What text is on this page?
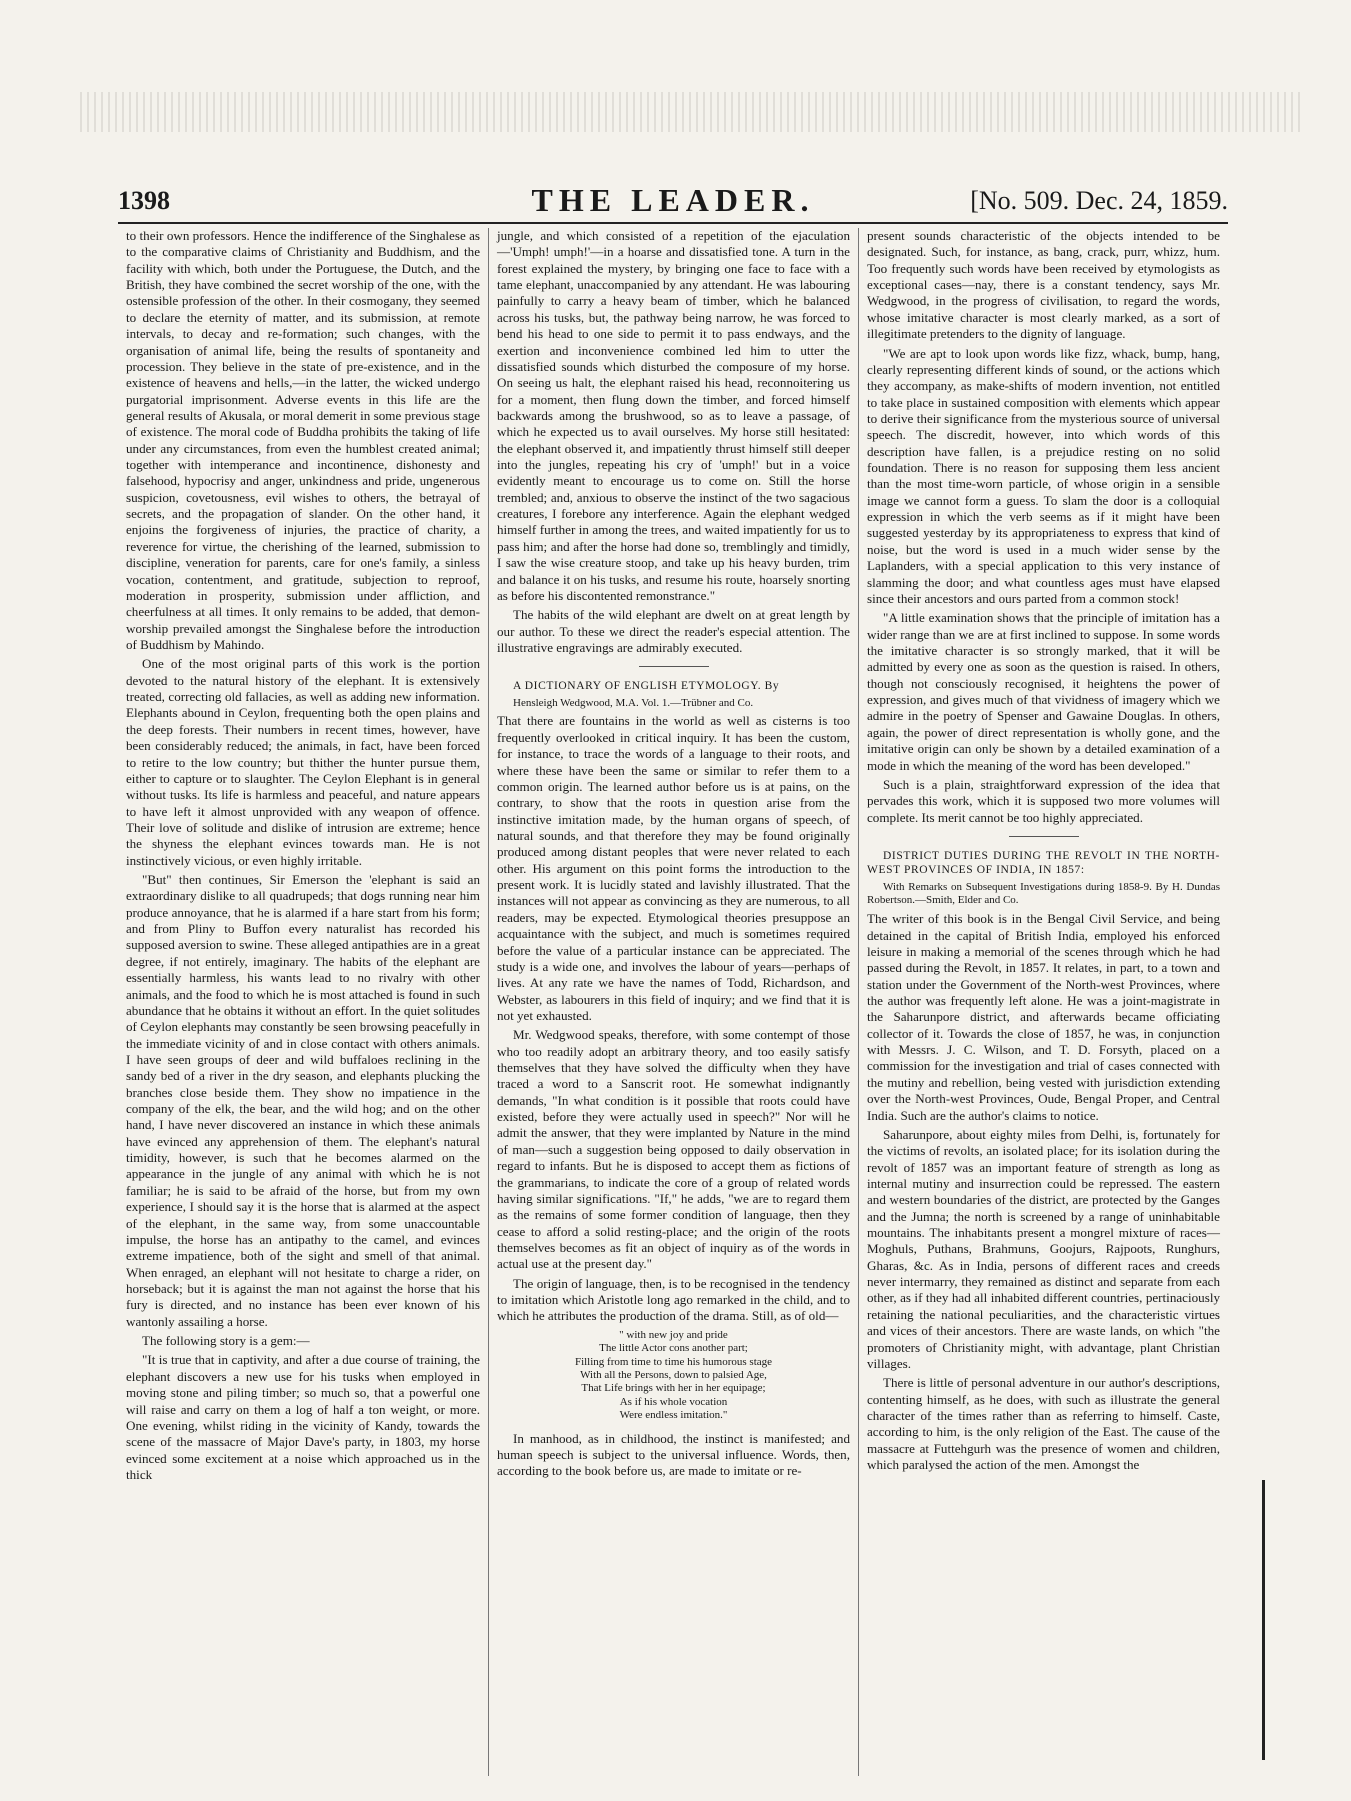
1398	THE LEADER.	[No. 509. Dec. 24, 1859.

to their own professors. Hence the indifference of the Singhalese as to the comparative claims of Christianity and Buddhism, and the facility with which, both under the Portuguese, the Dutch, and the British, they have combined the secret worship of the one, with the ostensible profession of the other. In their cosmogany, they seemed to declare the eternity of matter, and its submission, at remote intervals, to decay and re-formation; such changes, with the organisation of animal life, being the results of spontaneity and procession. They believe in the state of pre-existence, and in the existence of heavens and hells,—in the latter, the wicked undergo purgatorial imprisonment. Adverse events in this life are the general results of Akusala, or moral demerit in some previous stage of existence. The moral code of Buddha prohibits the taking of life under any circumstances, from even the humblest created animal; together with intemperance and incontinence, dishonesty and falsehood, hypocrisy and anger, unkindness and pride, ungenerous suspicion, covetousness, evil wishes to others, the betrayal of secrets, and the propagation of slander. On the other hand, it enjoins the forgiveness of injuries, the practice of charity, a reverence for virtue, the cherishing of the learned, submission to discipline, veneration for parents, care for one's family, a sinless vocation, contentment, and gratitude, subjection to reproof, moderation in prosperity, submission under affliction, and cheerfulness at all times. It only remains to be added, that demon-worship prevailed amongst the Singhalese before the introduction of Buddhism by Mahindo.

One of the most original parts of this work is the portion devoted to the natural history of the elephant. It is extensively treated, correcting old fallacies, as well as adding new information. Elephants abound in Ceylon, frequenting both the open plains and the deep forests. Their numbers in recent times, however, have been considerably reduced; the animals, in fact, have been forced to retire to the low country; but thither the hunter pursue them, either to capture or to slaughter. The Ceylon Elephant is in general without tusks. Its life is harmless and peaceful, and nature appears to have left it almost unprovided with any weapon of offence. Their love of solitude and dislike of intrusion are extreme; hence the shyness the elephant evinces towards man. He is not instinctively vicious, or even highly irritable.

"But" then continues, Sir Emerson the 'elephant is said an extraordinary dislike to all quadrupeds; that dogs running near him produce annoyance, that he is alarmed if a hare start from his form; and from Pliny to Buffon every naturalist has recorded his supposed aversion to swine. These alleged antipathies are in a great degree, if not entirely, imaginary. The habits of the elephant are essentially harmless, his wants lead to no rivalry with other animals, and the food to which he is most attached is found in such abundance that he obtains it without an effort. In the quiet solitudes of Ceylon elephants may constantly be seen browsing peacefully in the immediate vicinity of and in close contact with others animals. I have seen groups of deer and wild buffaloes reclining in the sandy bed of a river in the dry season, and elephants plucking the branches close beside them. They show no impatience in the company of the elk, the bear, and the wild hog; and on the other hand, I have never discovered an instance in which these animals have evinced any apprehension of them. The elephant's natural timidity, however, is such that he becomes alarmed on the appearance in the jungle of any animal with which he is not familiar; he is said to be afraid of the horse, but from my own experience, I should say it is the horse that is alarmed at the aspect of the elephant, in the same way, from some unaccountable impulse, the horse has an antipathy to the camel, and evinces extreme impatience, both of the sight and smell of that animal. When enraged, an elephant will not hesitate to charge a rider, on horseback; but it is against the man not against the horse that his fury is directed, and no instance has been ever known of his wantonly assailing a horse.

The following story is a gem:—

"It is true that in captivity, and after a due course of training, the elephant discovers a new use for his tusks when employed in moving stone and piling timber; so much so, that a powerful one will raise and carry on them a log of half a ton weight, or more. One evening, whilst riding in the vicinity of Kandy, towards the scene of the massacre of Major Dave's party, in 1803, my horse evinced some excitement at a noise which approached us in the thick

jungle, and which consisted of a repetition of the ejaculation—'Umph! umph!'—in a hoarse and dissatisfied tone. A turn in the forest explained the mystery, by bringing one face to face with a tame elephant, unaccompanied by any attendant. He was labouring painfully to carry a heavy beam of timber, which he balanced across his tusks, but, the pathway being narrow, he was forced to bend his head to one side to permit it to pass endways, and the exertion and inconvenience combined led him to utter the dissatisfied sounds which disturbed the composure of my horse. On seeing us halt, the elephant raised his head, reconnoitering us for a moment, then flung down the timber, and forced himself backwards among the brushwood, so as to leave a passage, of which he expected us to avail ourselves. My horse still hesitated: the elephant observed it, and impatiently thrust himself still deeper into the jungles, repeating his cry of 'umph!' but in a voice evidently meant to encourage us to come on. Still the horse trembled; and, anxious to observe the instinct of the two sagacious creatures, I forebore any interference. Again the elephant wedged himself further in among the trees, and waited impatiently for us to pass him; and after the horse had done so, tremblingly and timidly, I saw the wise creature stoop, and take up his heavy burden, trim and balance it on his tusks, and resume his route, hoarsely snorting as before his discontented remonstrance."

The habits of the wild elephant are dwelt on at great length by our author. To these we direct the reader's especial attention. The illustrative engravings are admirably executed.

A DICTIONARY OF ENGLISH ETYMOLOGY. By

Hensleigh Wedgwood, M.A. Vol. 1.—Trübner and Co.

That there are fountains in the world as well as cisterns is too frequently overlooked in critical inquiry. It has been the custom, for instance, to trace the words of a language to their roots, and where these have been the same or similar to refer them to a common origin. The learned author before us is at pains, on the contrary, to show that the roots in question arise from the instinctive imitation made, by the human organs of speech, of natural sounds, and that therefore they may be found originally produced among distant peoples that were never related to each other. His argument on this point forms the introduction to the present work. It is lucidly stated and lavishly illustrated. That the instances will not appear as convincing as they are numerous, to all readers, may be expected. Etymological theories presuppose an acquaintance with the subject, and much is sometimes required before the value of a particular instance can be appreciated. The study is a wide one, and involves the labour of years—perhaps of lives. At any rate we have the names of Todd, Richardson, and Webster, as labourers in this field of inquiry; and we find that it is not yet exhausted.

Mr. Wedgwood speaks, therefore, with some contempt of those who too readily adopt an arbitrary theory, and too easily satisfy themselves that they have solved the difficulty when they have traced a word to a Sanscrit root. He somewhat indignantly demands, "In what condition is it possible that roots could have existed, before they were actually used in speech?" Nor will he admit the answer, that they were implanted by Nature in the mind of man—such a suggestion being opposed to daily observation in regard to infants. But he is disposed to accept them as fictions of the grammarians, to indicate the core of a group of related words having similar significations. "If," he adds, "we are to regard them as the remains of some former condition of language, then they cease to afford a solid resting-place; and the origin of the roots themselves becomes as fit an object of inquiry as of the words in actual use at the present day."

The origin of language, then, is to be recognised in the tendency to imitation which Aristotle long ago remarked in the child, and to which he attributes the production of the drama. Still, as of old—

" with new joy and pride
The little Actor cons another part;
Filling from time to time his humorous stage
With all the Persons, down to palsied Age,
That Life brings with her in her equipage;
As if his whole vocation
Were endless imitation."

In manhood, as in childhood, the instinct is manifested; and human speech is subject to the universal influence. Words, then, according to the book before us, are made to imitate or re-

present sounds characteristic of the objects intended to be designated. Such, for instance, as bang, crack, purr, whizz, hum. Too frequently such words have been received by etymologists as exceptional cases—nay, there is a constant tendency, says Mr. Wedgwood, in the progress of civilisation, to regard the words, whose imitative character is most clearly marked, as a sort of illegitimate pretenders to the dignity of language.

"We are apt to look upon words like fizz, whack, bump, hang, clearly representing different kinds of sound, or the actions which they accompany, as make-shifts of modern invention, not entitled to take place in sustained composition with elements which appear to derive their significance from the mysterious source of universal speech. The discredit, however, into which words of this description have fallen, is a prejudice resting on no solid foundation. There is no reason for supposing them less ancient than the most time-worn particle, of whose origin in a sensible image we cannot form a guess. To slam the door is a colloquial expression in which the verb seems as if it might have been suggested yesterday by its appropriateness to express that kind of noise, but the word is used in a much wider sense by the Laplanders, with a special application to this very instance of slamming the door; and what countless ages must have elapsed since their ancestors and ours parted from a common stock!

"A little examination shows that the principle of imitation has a wider range than we are at first inclined to suppose. In some words the imitative character is so strongly marked, that it will be admitted by every one as soon as the question is raised. In others, though not consciously recognised, it heightens the power of expression, and gives much of that vividness of imagery which we admire in the poetry of Spenser and Gawaine Douglas. In others, again, the power of direct representation is wholly gone, and the imitative origin can only be shown by a detailed examination of a mode in which the meaning of the word has been developed."

Such is a plain, straightforward expression of the idea that pervades this work, which it is supposed two more volumes will complete. Its merit cannot be too highly appreciated.

DISTRICT DUTIES DURING THE REVOLT IN THE NORTH-WEST PROVINCES OF INDIA, IN 1857:

With Remarks on Subsequent Investigations during 1858-9. By H. Dundas Robertson.—Smith, Elder and Co.

The writer of this book is in the Bengal Civil Service, and being detained in the capital of British India, employed his enforced leisure in making a memorial of the scenes through which he had passed during the Revolt, in 1857. It relates, in part, to a town and station under the Government of the North-west Provinces, where the author was frequently left alone. He was a joint-magistrate in the Saharunpore district, and afterwards became officiating collector of it. Towards the close of 1857, he was, in conjunction with Messrs. J. C. Wilson, and T. D. Forsyth, placed on a commission for the investigation and trial of cases connected with the mutiny and rebellion, being vested with jurisdiction extending over the North-west Provinces, Oude, Bengal Proper, and Central India. Such are the author's claims to notice.

Saharunpore, about eighty miles from Delhi, is, fortunately for the victims of revolts, an isolated place; for its isolation during the revolt of 1857 was an important feature of strength as long as internal mutiny and insurrection could be repressed. The eastern and western boundaries of the district, are protected by the Ganges and the Jumna; the north is screened by a range of uninhabitable mountains. The inhabitants present a mongrel mixture of races—Moghuls, Puthans, Brahmuns, Goojurs, Rajpoots, Runghurs, Gharas, &c. As in India, persons of different races and creeds never intermarry, they remained as distinct and separate from each other, as if they had all inhabited different countries, pertinaciously retaining the national peculiarities, and the characteristic virtues and vices of their ancestors. There are waste lands, on which "the promoters of Christianity might, with advantage, plant Christian villages.

There is little of personal adventure in our author's descriptions, contenting himself, as he does, with such as illustrate the general character of the times rather than as referring to himself. Caste, according to him, is the only religion of the East. The cause of the massacre at Futtehgurh was the presence of women and children, which paralysed the action of the men. Amongst the
